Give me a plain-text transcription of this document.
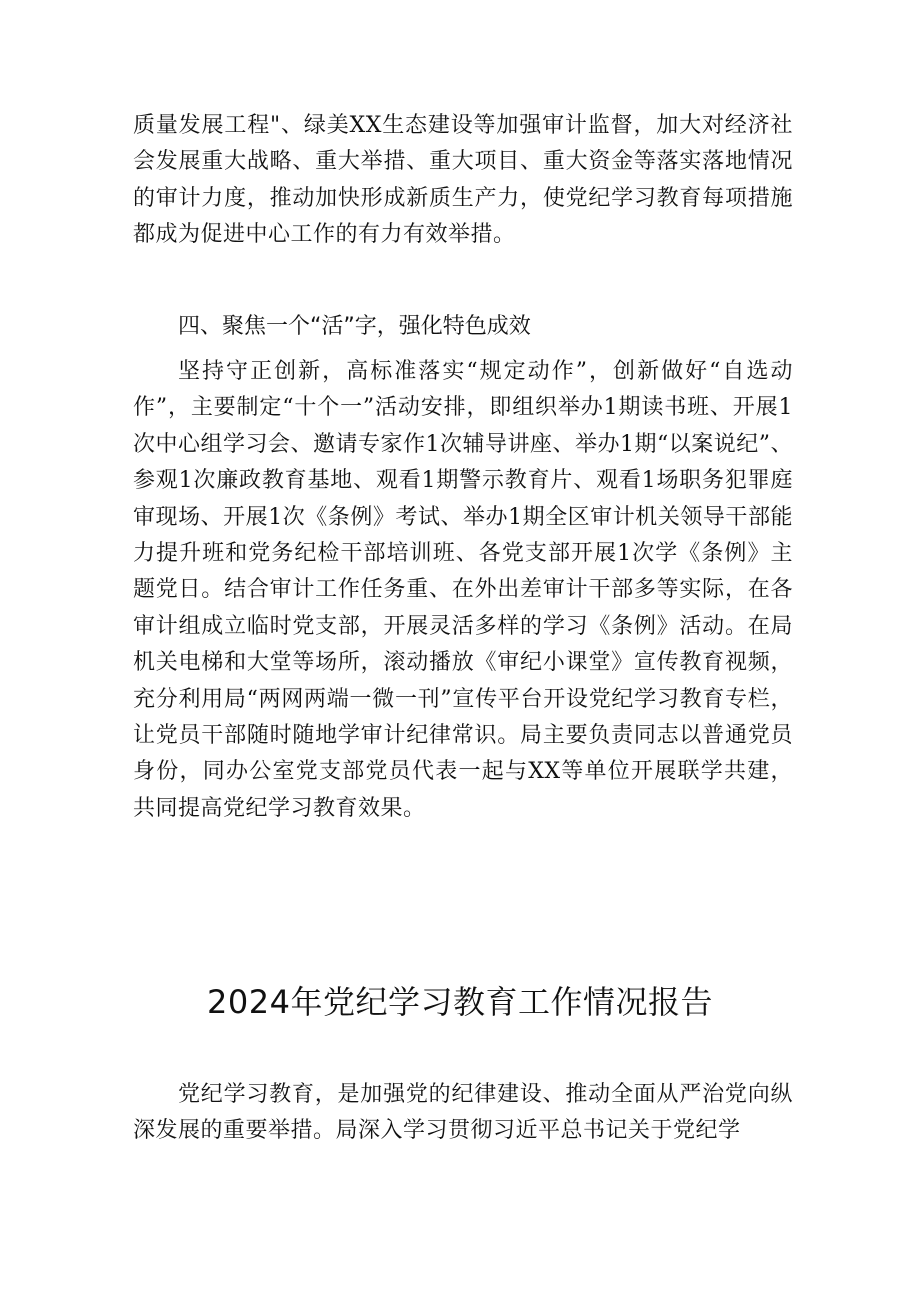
质量发展工程"、绿美XX生态建设等加强审计监督，加大对经济社会发展重大战略、重大举措、重大项目、重大资金等落实落地情况的审计力度，推动加快形成新质生产力，使党纪学习教育每项措施都成为促进中心工作的有力有效举措。

四、聚焦一个“活”字，强化特色成效

坚持守正创新，高标准落实“规定动作”，创新做好“自选动作”，主要制定“十个一”活动安排，即组织举办1期读书班、开展1次中心组学习会、邀请专家作1次辅导讲座、举办1期“以案说纪”、参观1次廉政教育基地、观看1期警示教育片、观看1场职务犯罪庭审现场、开展1次《条例》考试、举办1期全区审计机关领导干部能力提升班和党务纪检干部培训班、各党支部开展1次学《条例》主题党日。结合审计工作任务重、在外出差审计干部多等实际，在各审计组成立临时党支部，开展灵活多样的学习《条例》活动。在局机关电梯和大堂等场所，滚动播放《审纪小课堂》宣传教育视频，充分利用局“两网两端一微一刊”宣传平台开设党纪学习教育专栏，让党员干部随时随地学审计纪律常识。局主要负责同志以普通党员身份，同办公室党支部党员代表一起与XX等单位开展联学共建，共同提高党纪学习教育效果。

2024年党纪学习教育工作情况报告

党纪学习教育，是加强党的纪律建设、推动全面从严治党向纵深发展的重要举措。局深入学习贯彻习近平总书记关于党纪学
